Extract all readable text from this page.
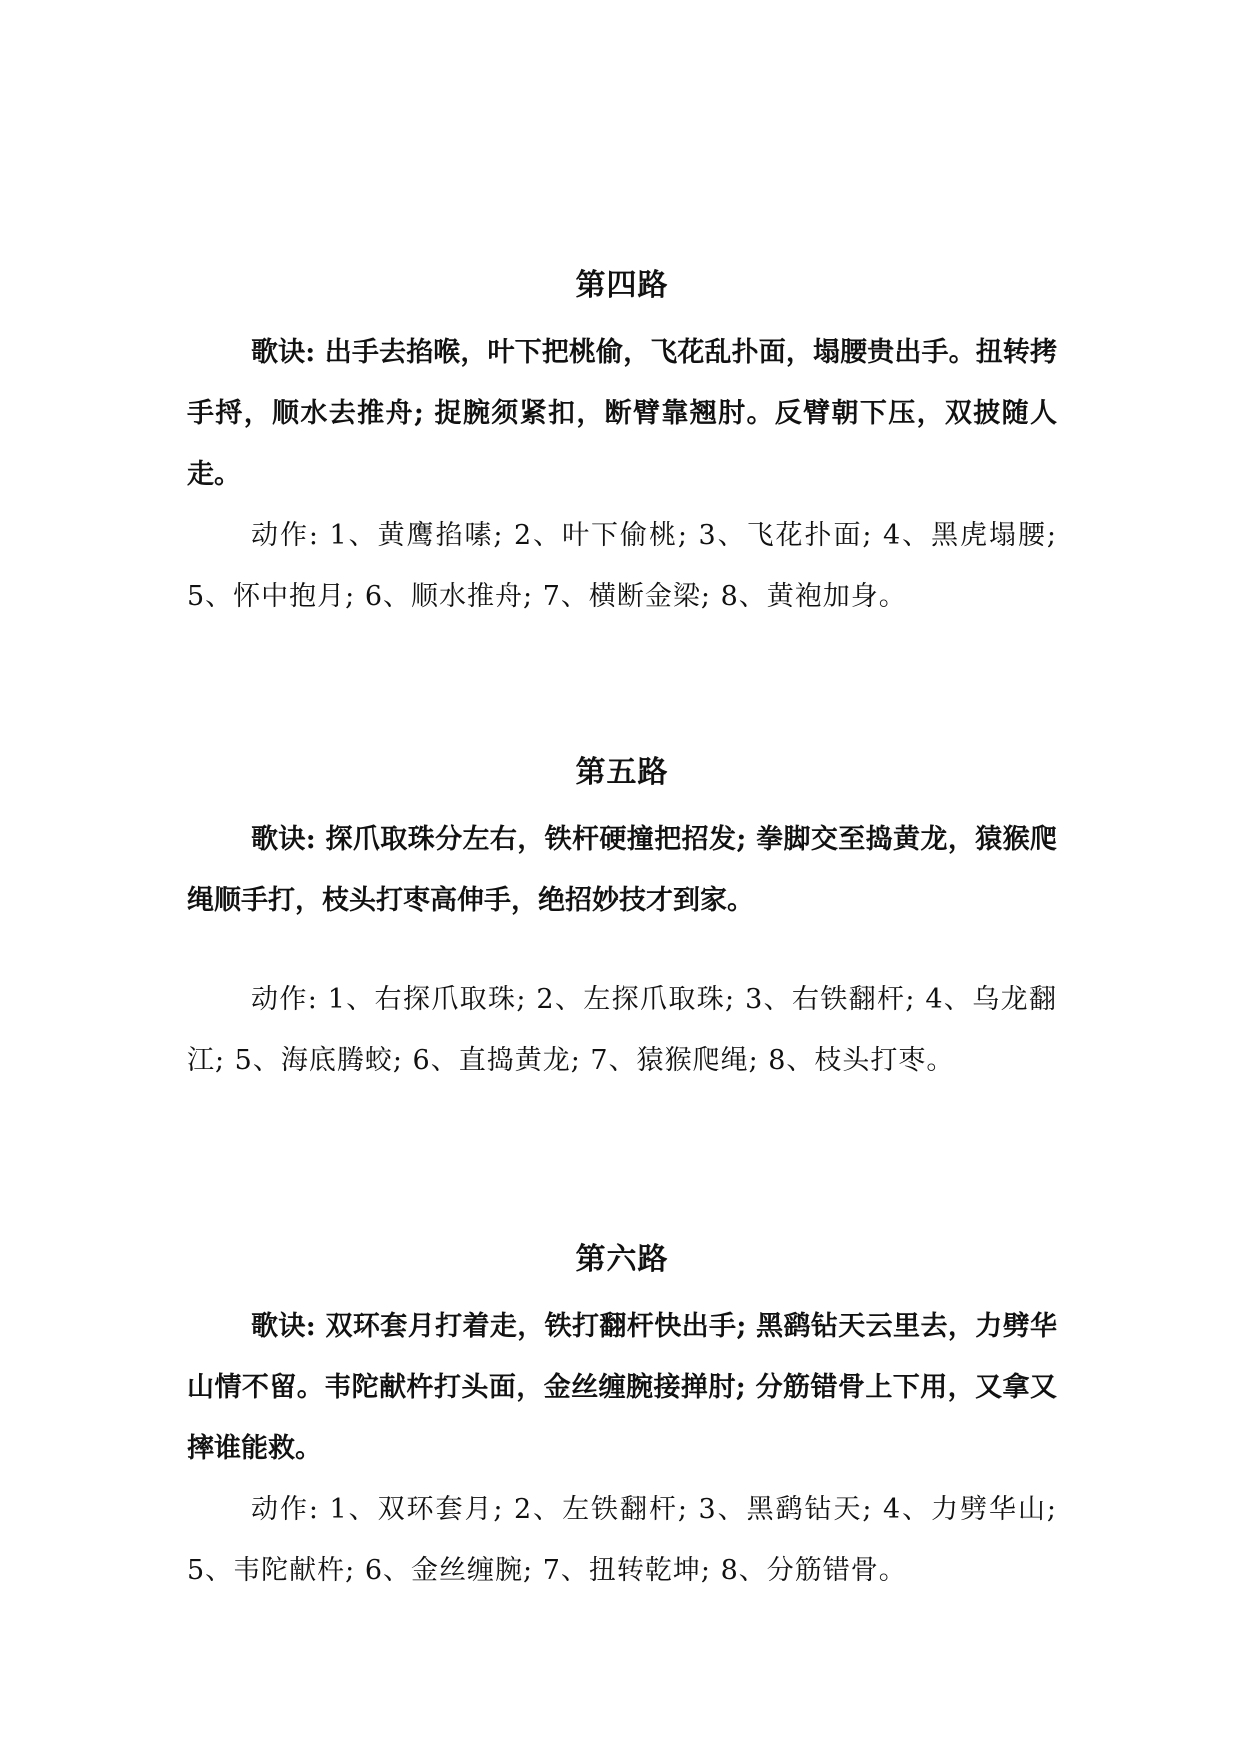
第四路

歌诀: 出手去掐喉，叶下把桃偷，飞花乱扑面，塌腰贵出手。扭转拷手捋，顺水去推舟; 捉腕须紧扣，断臂靠翘肘。反臂朝下压，双披随人走。

动作: 1、黄鹰掐嗉; 2、叶下偷桃; 3、飞花扑面; 4、黑虎塌腰; 5、怀中抱月; 6、顺水推舟; 7、横断金梁; 8、黄袍加身。

第五路

歌诀: 探爪取珠分左右，铁杆硬撞把招发; 拳脚交至捣黄龙，猿猴爬绳顺手打，枝头打枣高伸手，绝招妙技才到家。

动作: 1、右探爪取珠; 2、左探爪取珠; 3、右铁翻杆; 4、乌龙翻江; 5、海底腾蛟; 6、直捣黄龙; 7、猿猴爬绳; 8、枝头打枣。

第六路

歌诀: 双环套月打着走，铁打翻杆快出手; 黑鹞钻天云里去，力劈华山情不留。韦陀献杵打头面，金丝缠腕接掸肘; 分筋错骨上下用，又拿又摔谁能救。

动作: 1、双环套月; 2、左铁翻杆; 3、黑鹞钻天; 4、力劈华山; 5、韦陀献杵; 6、金丝缠腕; 7、扭转乾坤; 8、分筋错骨。
